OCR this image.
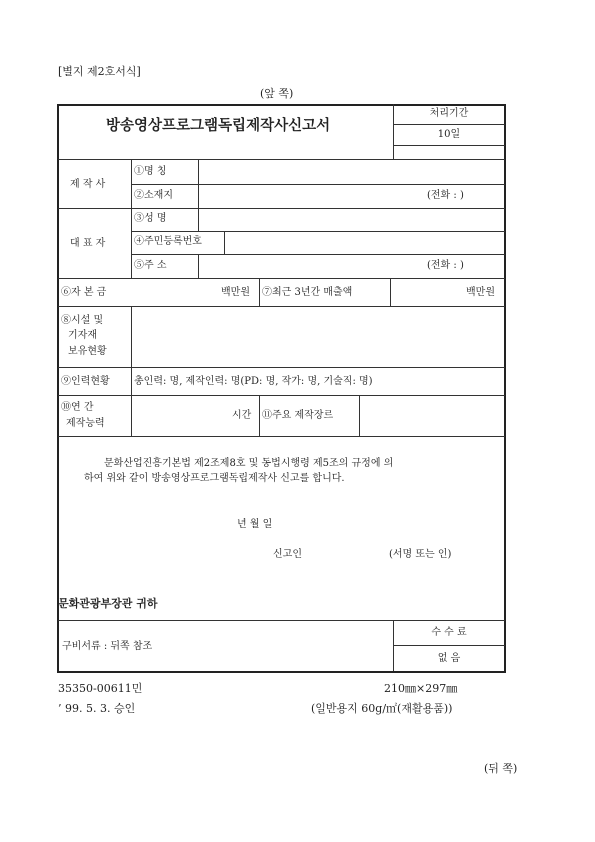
[별지 제2호서식]
(앞 쪽)
방송영상프로그램독립제작사신고서
처리기간
10일
제 작 사
①명 칭
②소재지	(전화 : )
대 표 자
③성 명
④주민등록번호
⑤주 소	(전화 : )
⑥자 본 금	백만원 ⑦최근 3년간 매출액	백만원
⑧시설 및
기자재
보유현황
⑨인력현황 총인력: 명, 제작인력: 명(PD: 명, 작가: 명, 기술직: 명)
⑩연 간
제작능력
시간 ⑪주요 제작장르
문화산업진흥기본법 제2조제8호 및 동법시행령 제5조의 규정에 의
하여 위와 같이 방송영상프로그램독립제작사 신고를 합니다.
년 월 일
신고인	(서명 또는 인)
문화관광부장관 귀하
구비서류 : 뒤쪽 참조
수 수 료
없 음
35350-00611민	210㎜×297㎜
’ 99. 5. 3. 승인	(일반용지 60g/㎡(재활용품))
(뒤 쪽)
